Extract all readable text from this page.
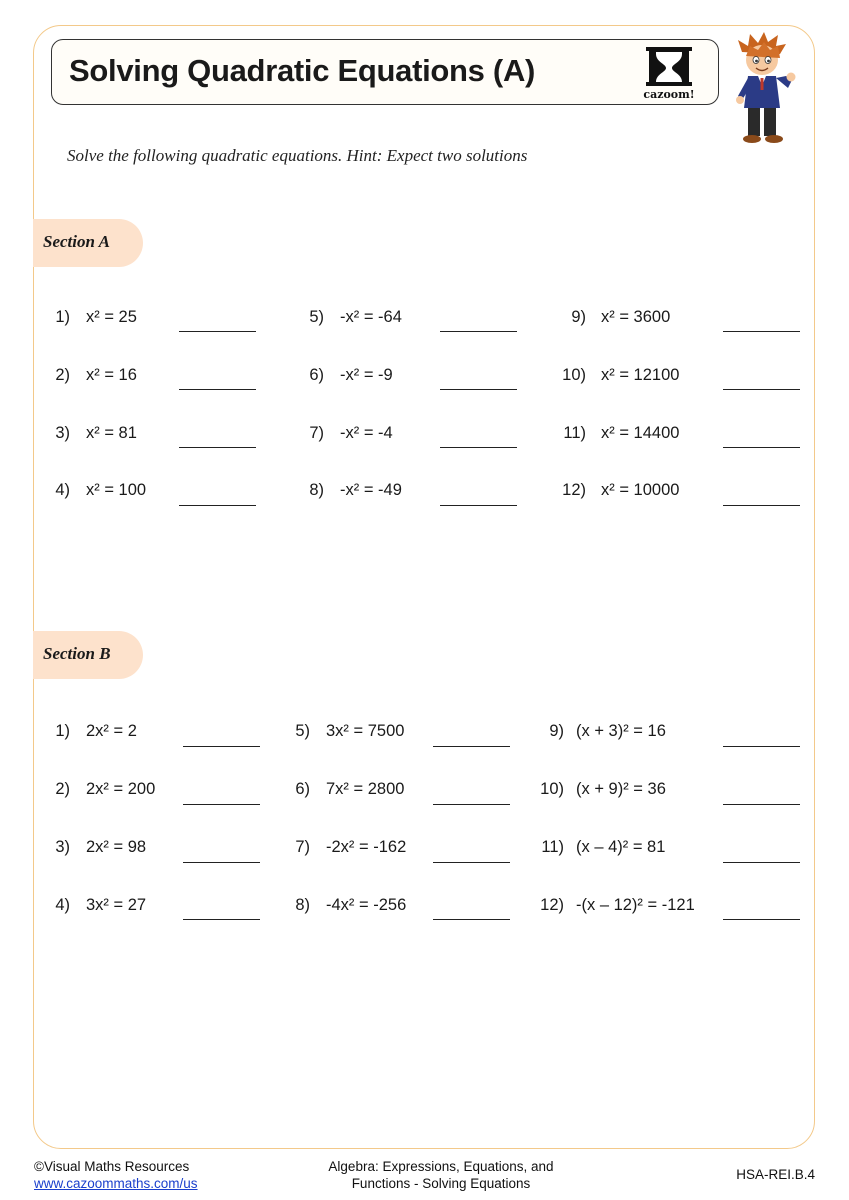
Solving Quadratic Equations (A)
cazoom!
Solve the following quadratic equations. Hint: Expect two solutions
Section A
1) x² = 25
2) x² = 16
3) x² = 81
4) x² = 100
5) -x² = -64
6) -x² = -9
7) -x² = -4
8) -x² = -49
9) x² = 3600
10) x² = 12100
11) x² = 14400
12) x² = 10000
Section B
1) 2x² = 2
2) 2x² = 200
3) 2x² = 98
4) 3x² = 27
5) 3x² = 7500
6) 7x² = 2800
7) -2x² = -162
8) -4x² = -256
9) (x + 3)² = 16
10) (x + 9)² = 36
11) (x – 4)² = 81
12) -(x – 12)² = -121
©Visual Maths Resources
www.cazoommaths.com/us
Algebra: Expressions, Equations, and
Functions - Solving Equations
HSA-REI.B.4
